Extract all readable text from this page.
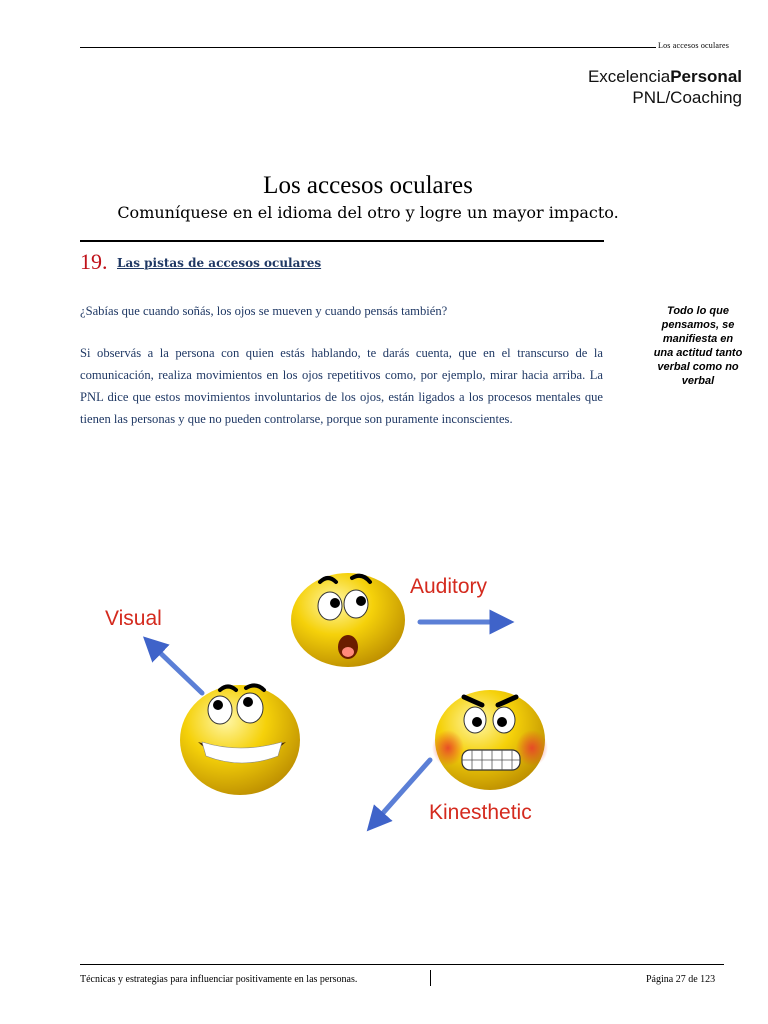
Los accesos oculares
ExcelenciaPersonal
PNL/Coaching
Los accesos oculares
Comuníquese en el idioma del otro y logre un mayor impacto.
19. Las pistas de accesos oculares
¿Sabías que cuando soñás, los ojos se mueven y cuando pensás también?
Si observás a la persona con quien estás hablando, te darás cuenta, que en el transcurso de la comunicación, realiza movimientos en los ojos repetitivos como, por ejemplo, mirar hacia arriba. La PNL dice que estos movimientos involuntarios de los ojos, están ligados a los procesos mentales que tienen las personas y que no pueden controlarse, porque son puramente inconscientes.
Todo lo que pensamos, se manifiesta en una actitud tanto verbal como no verbal
Visual
Auditory
Kinesthetic
Técnicas y estrategias para influenciar positivamente en las personas.	Página 27 de 123
